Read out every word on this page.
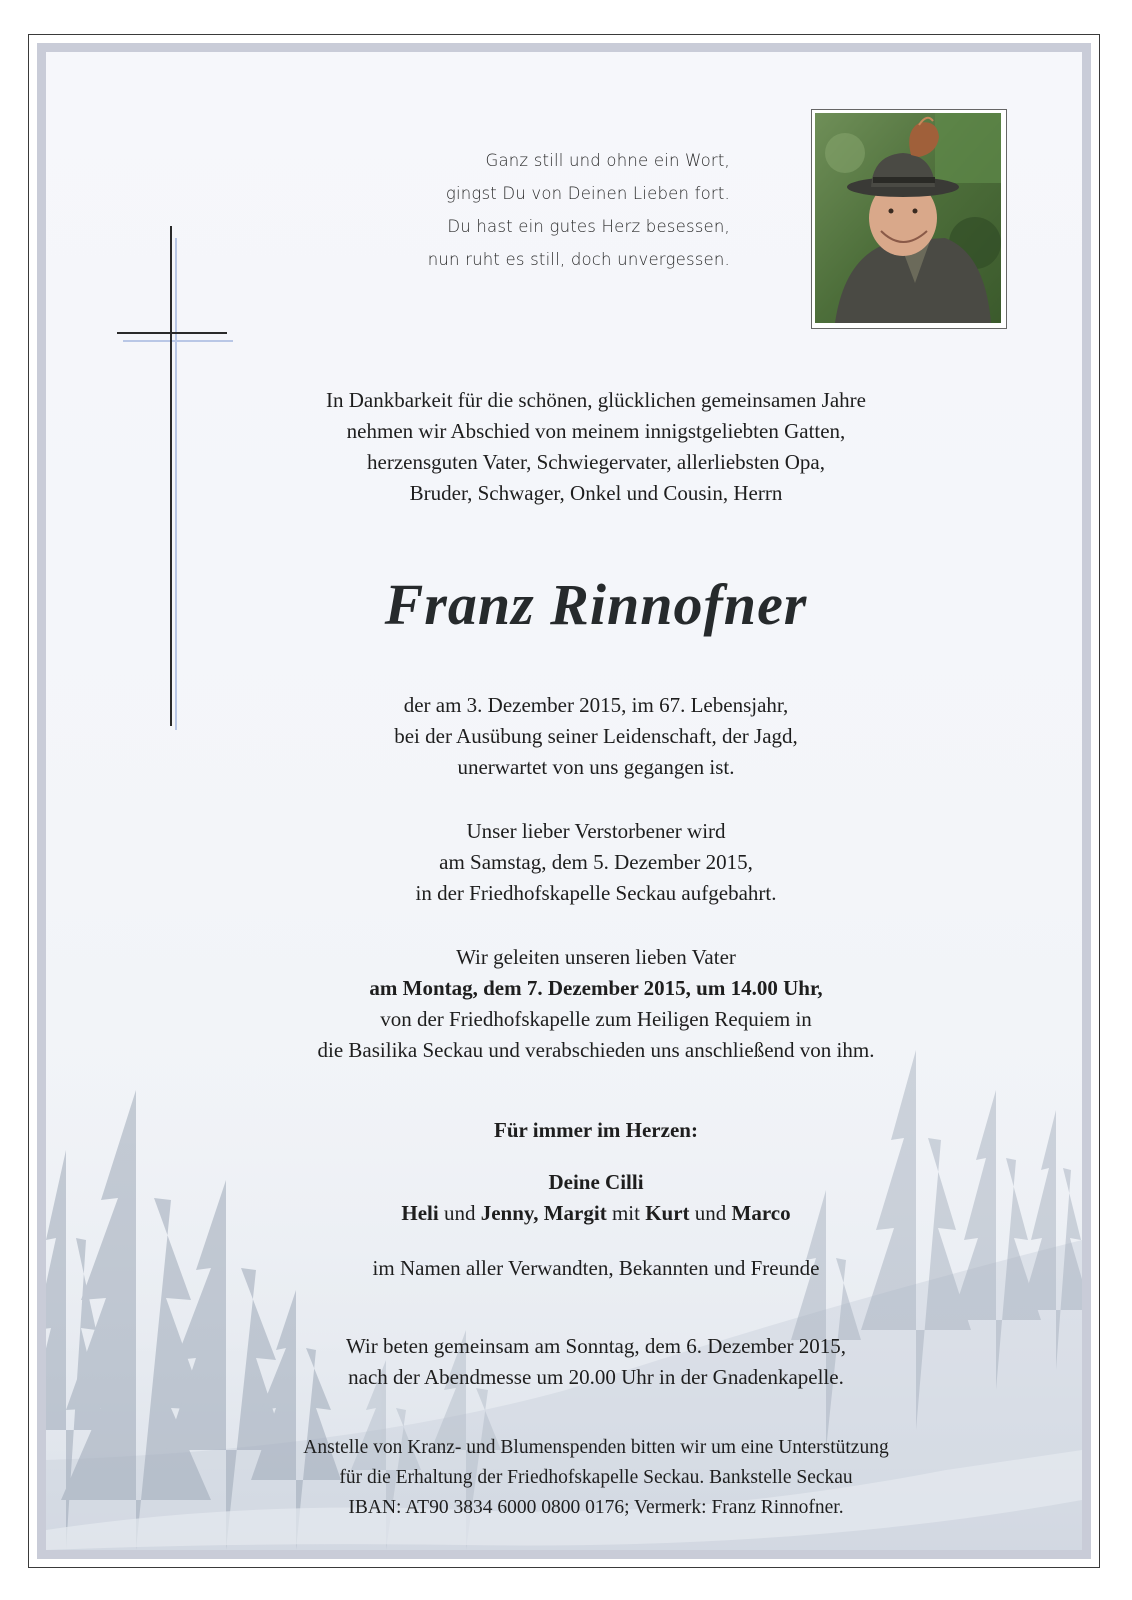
Ganz still und ohne ein Wort,
gingst Du von Deinen Lieben fort.
Du hast ein gutes Herz besessen,
nun ruht es still, doch unvergessen.
In Dankbarkeit für die schönen, glücklichen gemeinsamen Jahre
nehmen wir Abschied von meinem innigstgeliebten Gatten,
herzensguten Vater, Schwiegervater, allerliebsten Opa,
Bruder, Schwager, Onkel und Cousin, Herrn
Franz Rinnofner
der am 3. Dezember 2015, im 67. Lebensjahr,
bei der Ausübung seiner Leidenschaft, der Jagd,
unerwartet von uns gegangen ist.
Unser lieber Verstorbener wird
am Samstag, dem 5. Dezember 2015,
in der Friedhofskapelle Seckau aufgebahrt.
Wir geleiten unseren lieben Vater
am Montag, dem 7. Dezember 2015, um 14.00 Uhr,
von der Friedhofskapelle zum Heiligen Requiem in
die Basilika Seckau und verabschieden uns anschließend von ihm.
Für immer im Herzen:
Deine Cilli
Heli und Jenny, Margit mit Kurt und Marco
im Namen aller Verwandten, Bekannten und Freunde
Wir beten gemeinsam am Sonntag, dem 6. Dezember 2015,
nach der Abendmesse um 20.00 Uhr in der Gnadenkapelle.
Anstelle von Kranz- und Blumenspenden bitten wir um eine Unterstützung
für die Erhaltung der Friedhofskapelle Seckau. Bankstelle Seckau
IBAN: AT90 3834 6000 0800 0176; Vermerk: Franz Rinnofner.
